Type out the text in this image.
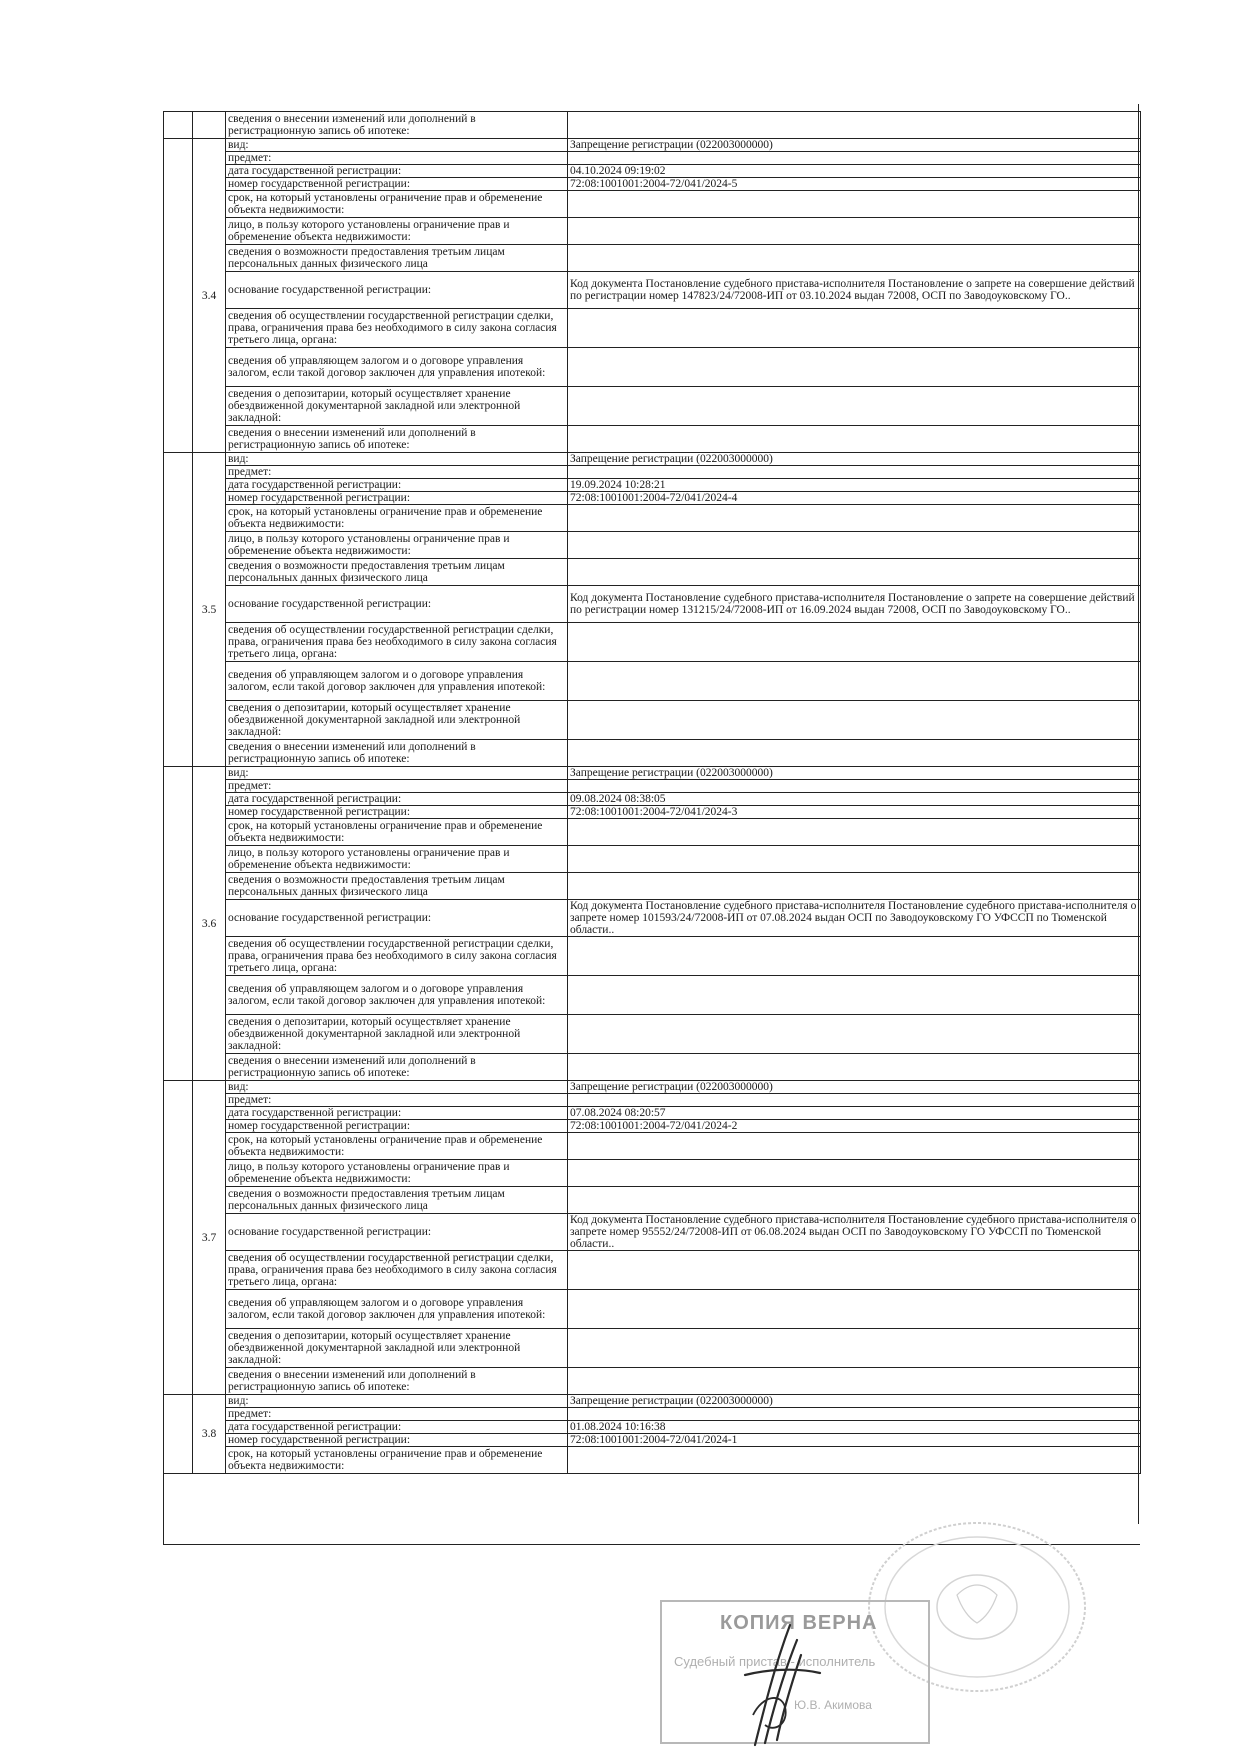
		сведения о внесении изменений или дополнений в регистрационную запись об ипотеке:	
	3.4	вид:	Запрещение регистрации (022003000000)
		предмет:	
		дата государственной регистрации:	04.10.2024 09:19:02
		номер государственной регистрации:	72:08:1001001:2004-72/041/2024-5
		срок, на который установлены ограничение прав и обременение объекта недвижимости:	
		лицо, в пользу которого установлены ограничение прав и обременение объекта недвижимости:	
		сведения о возможности предоставления третьим лицам персональных данных физического лица	
		основание государственной регистрации:	Код документа Постановление судебного пристава-исполнителя Постановление о запрете на совершение действий по регистрации номер 147823/24/72008-ИП от 03.10.2024 выдан 72008, ОСП по Заводоуковскому ГО..
		сведения об осуществлении государственной регистрации сделки, права, ограничения права без необходимого в силу закона согласия третьего лица, органа:	
		сведения об управляющем залогом и о договоре управления залогом, если такой договор заключен для управления ипотекой:	
		сведения о депозитарии, который осуществляет хранение обездвиженной документарной закладной или электронной закладной:	
		сведения о внесении изменений или дополнений в регистрационную запись об ипотеке:	
	3.5	вид:	Запрещение регистрации (022003000000)
		предмет:	
		дата государственной регистрации:	19.09.2024 10:28:21
		номер государственной регистрации:	72:08:1001001:2004-72/041/2024-4
		срок, на который установлены ограничение прав и обременение объекта недвижимости:	
		лицо, в пользу которого установлены ограничение прав и обременение объекта недвижимости:	
		сведения о возможности предоставления третьим лицам персональных данных физического лица	
		основание государственной регистрации:	Код документа Постановление судебного пристава-исполнителя Постановление о запрете на совершение действий по регистрации номер 131215/24/72008-ИП от 16.09.2024 выдан 72008, ОСП по Заводоуковскому ГО..
		сведения об осуществлении государственной регистрации сделки, права, ограничения права без необходимого в силу закона согласия третьего лица, органа:	
		сведения об управляющем залогом и о договоре управления залогом, если такой договор заключен для управления ипотекой:	
		сведения о депозитарии, который осуществляет хранение обездвиженной документарной закладной или электронной закладной:	
		сведения о внесении изменений или дополнений в регистрационную запись об ипотеке:	
	3.6	вид:	Запрещение регистрации (022003000000)
		предмет:	
		дата государственной регистрации:	09.08.2024 08:38:05
		номер государственной регистрации:	72:08:1001001:2004-72/041/2024-3
		срок, на который установлены ограничение прав и обременение объекта недвижимости:	
		лицо, в пользу которого установлены ограничение прав и обременение объекта недвижимости:	
		сведения о возможности предоставления третьим лицам персональных данных физического лица	
		основание государственной регистрации:	Код документа Постановление судебного пристава-исполнителя Постановление судебного пристава-исполнителя о запрете номер 101593/24/72008-ИП от 07.08.2024 выдан ОСП по Заводоуковскому ГО УФССП по Тюменской области..
		сведения об осуществлении государственной регистрации сделки, права, ограничения права без необходимого в силу закона согласия третьего лица, органа:	
		сведения об управляющем залогом и о договоре управления залогом, если такой договор заключен для управления ипотекой:	
		сведения о депозитарии, который осуществляет хранение обездвиженной документарной закладной или электронной закладной:	
		сведения о внесении изменений или дополнений в регистрационную запись об ипотеке:	
	3.7	вид:	Запрещение регистрации (022003000000)
		предмет:	
		дата государственной регистрации:	07.08.2024 08:20:57
		номер государственной регистрации:	72:08:1001001:2004-72/041/2024-2
		срок, на который установлены ограничение прав и обременение объекта недвижимости:	
		лицо, в пользу которого установлены ограничение прав и обременение объекта недвижимости:	
		сведения о возможности предоставления третьим лицам персональных данных физического лица	
		основание государственной регистрации:	Код документа Постановление судебного пристава-исполнителя Постановление судебного пристава-исполнителя о запрете номер 95552/24/72008-ИП от 06.08.2024 выдан ОСП по Заводоуковскому ГО УФССП по Тюменской области..
		сведения об осуществлении государственной регистрации сделки, права, ограничения права без необходимого в силу закона согласия третьего лица, органа:	
		сведения об управляющем залогом и о договоре управления залогом, если такой договор заключен для управления ипотекой:	
		сведения о депозитарии, который осуществляет хранение обездвиженной документарной закладной или электронной закладной:	
		сведения о внесении изменений или дополнений в регистрационную запись об ипотеке:	
	3.8	вид:	Запрещение регистрации (022003000000)
		предмет:	
		дата государственной регистрации:	01.08.2024 10:16:38
		номер государственной регистрации:	72:08:1001001:2004-72/041/2024-1
		срок, на который установлены ограничение прав и обременение объекта недвижимости:	
КОПИЯ ВЕРНА
Судебный пристав - исполнитель
Ю.В. Акимова
